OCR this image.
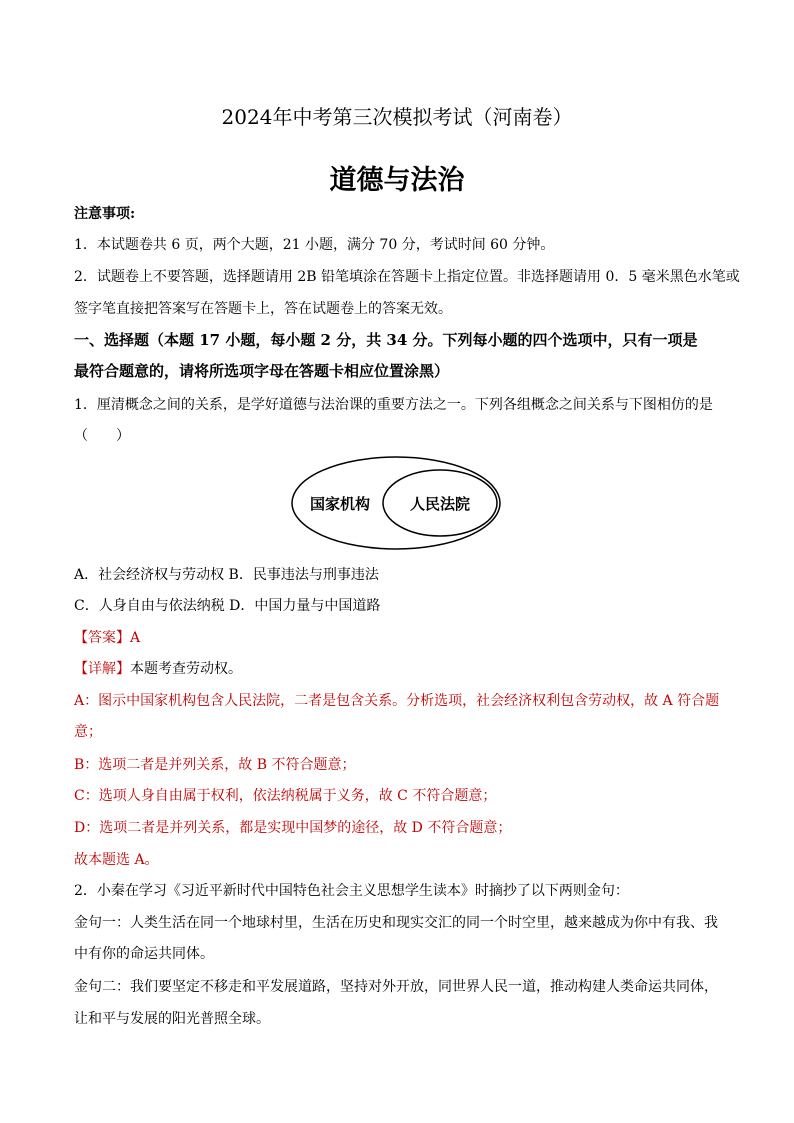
2024年中考第三次模拟考试（河南卷）
道德与法治
注意事项:
1．本试题卷共 6 页，两个大题，21 小题，满分 70 分，考试时间 60 分钟。
2．试题卷上不要答题，选择题请用 2B 铅笔填涂在答题卡上指定位置。非选择题请用 0．5 毫米黑色水笔或
签字笔直接把答案写在答题卡上，答在试题卷上的答案无效。
一、选择题（本题 17 小题，每小题 2 分，共 34 分。下列每小题的四个选项中，只有一项是
最符合题意的，请将所选项字母在答题卡相应位置涂黑）
1．厘清概念之间的关系，是学好道德与法治课的重要方法之一。下列各组概念之间关系与下图相仿的是
（　　）
国家机构	人民法院
A．社会经济权与劳动权 B．民事违法与刑事违法
C．人身自由与依法纳税 D．中国力量与中国道路
【答案】A
【详解】本题考查劳动权。
A：图示中国家机构包含人民法院，二者是包含关系。分析选项，社会经济权利包含劳动权，故 A 符合题
意；
B：选项二者是并列关系，故 B 不符合题意；
C：选项人身自由属于权利，依法纳税属于义务，故 C 不符合题意；
D：选项二者是并列关系，都是实现中国梦的途径，故 D 不符合题意；
故本题选 A。
2．小秦在学习《习近平新时代中国特色社会主义思想学生读本》时摘抄了以下两则金句：
金句一：人类生活在同一个地球村里，生活在历史和现实交汇的同一个时空里，越来越成为你中有我、我
中有你的命运共同体。
金句二：我们要坚定不移走和平发展道路，坚持对外开放，同世界人民一道，推动构建人类命运共同体，
让和平与发展的阳光普照全球。
